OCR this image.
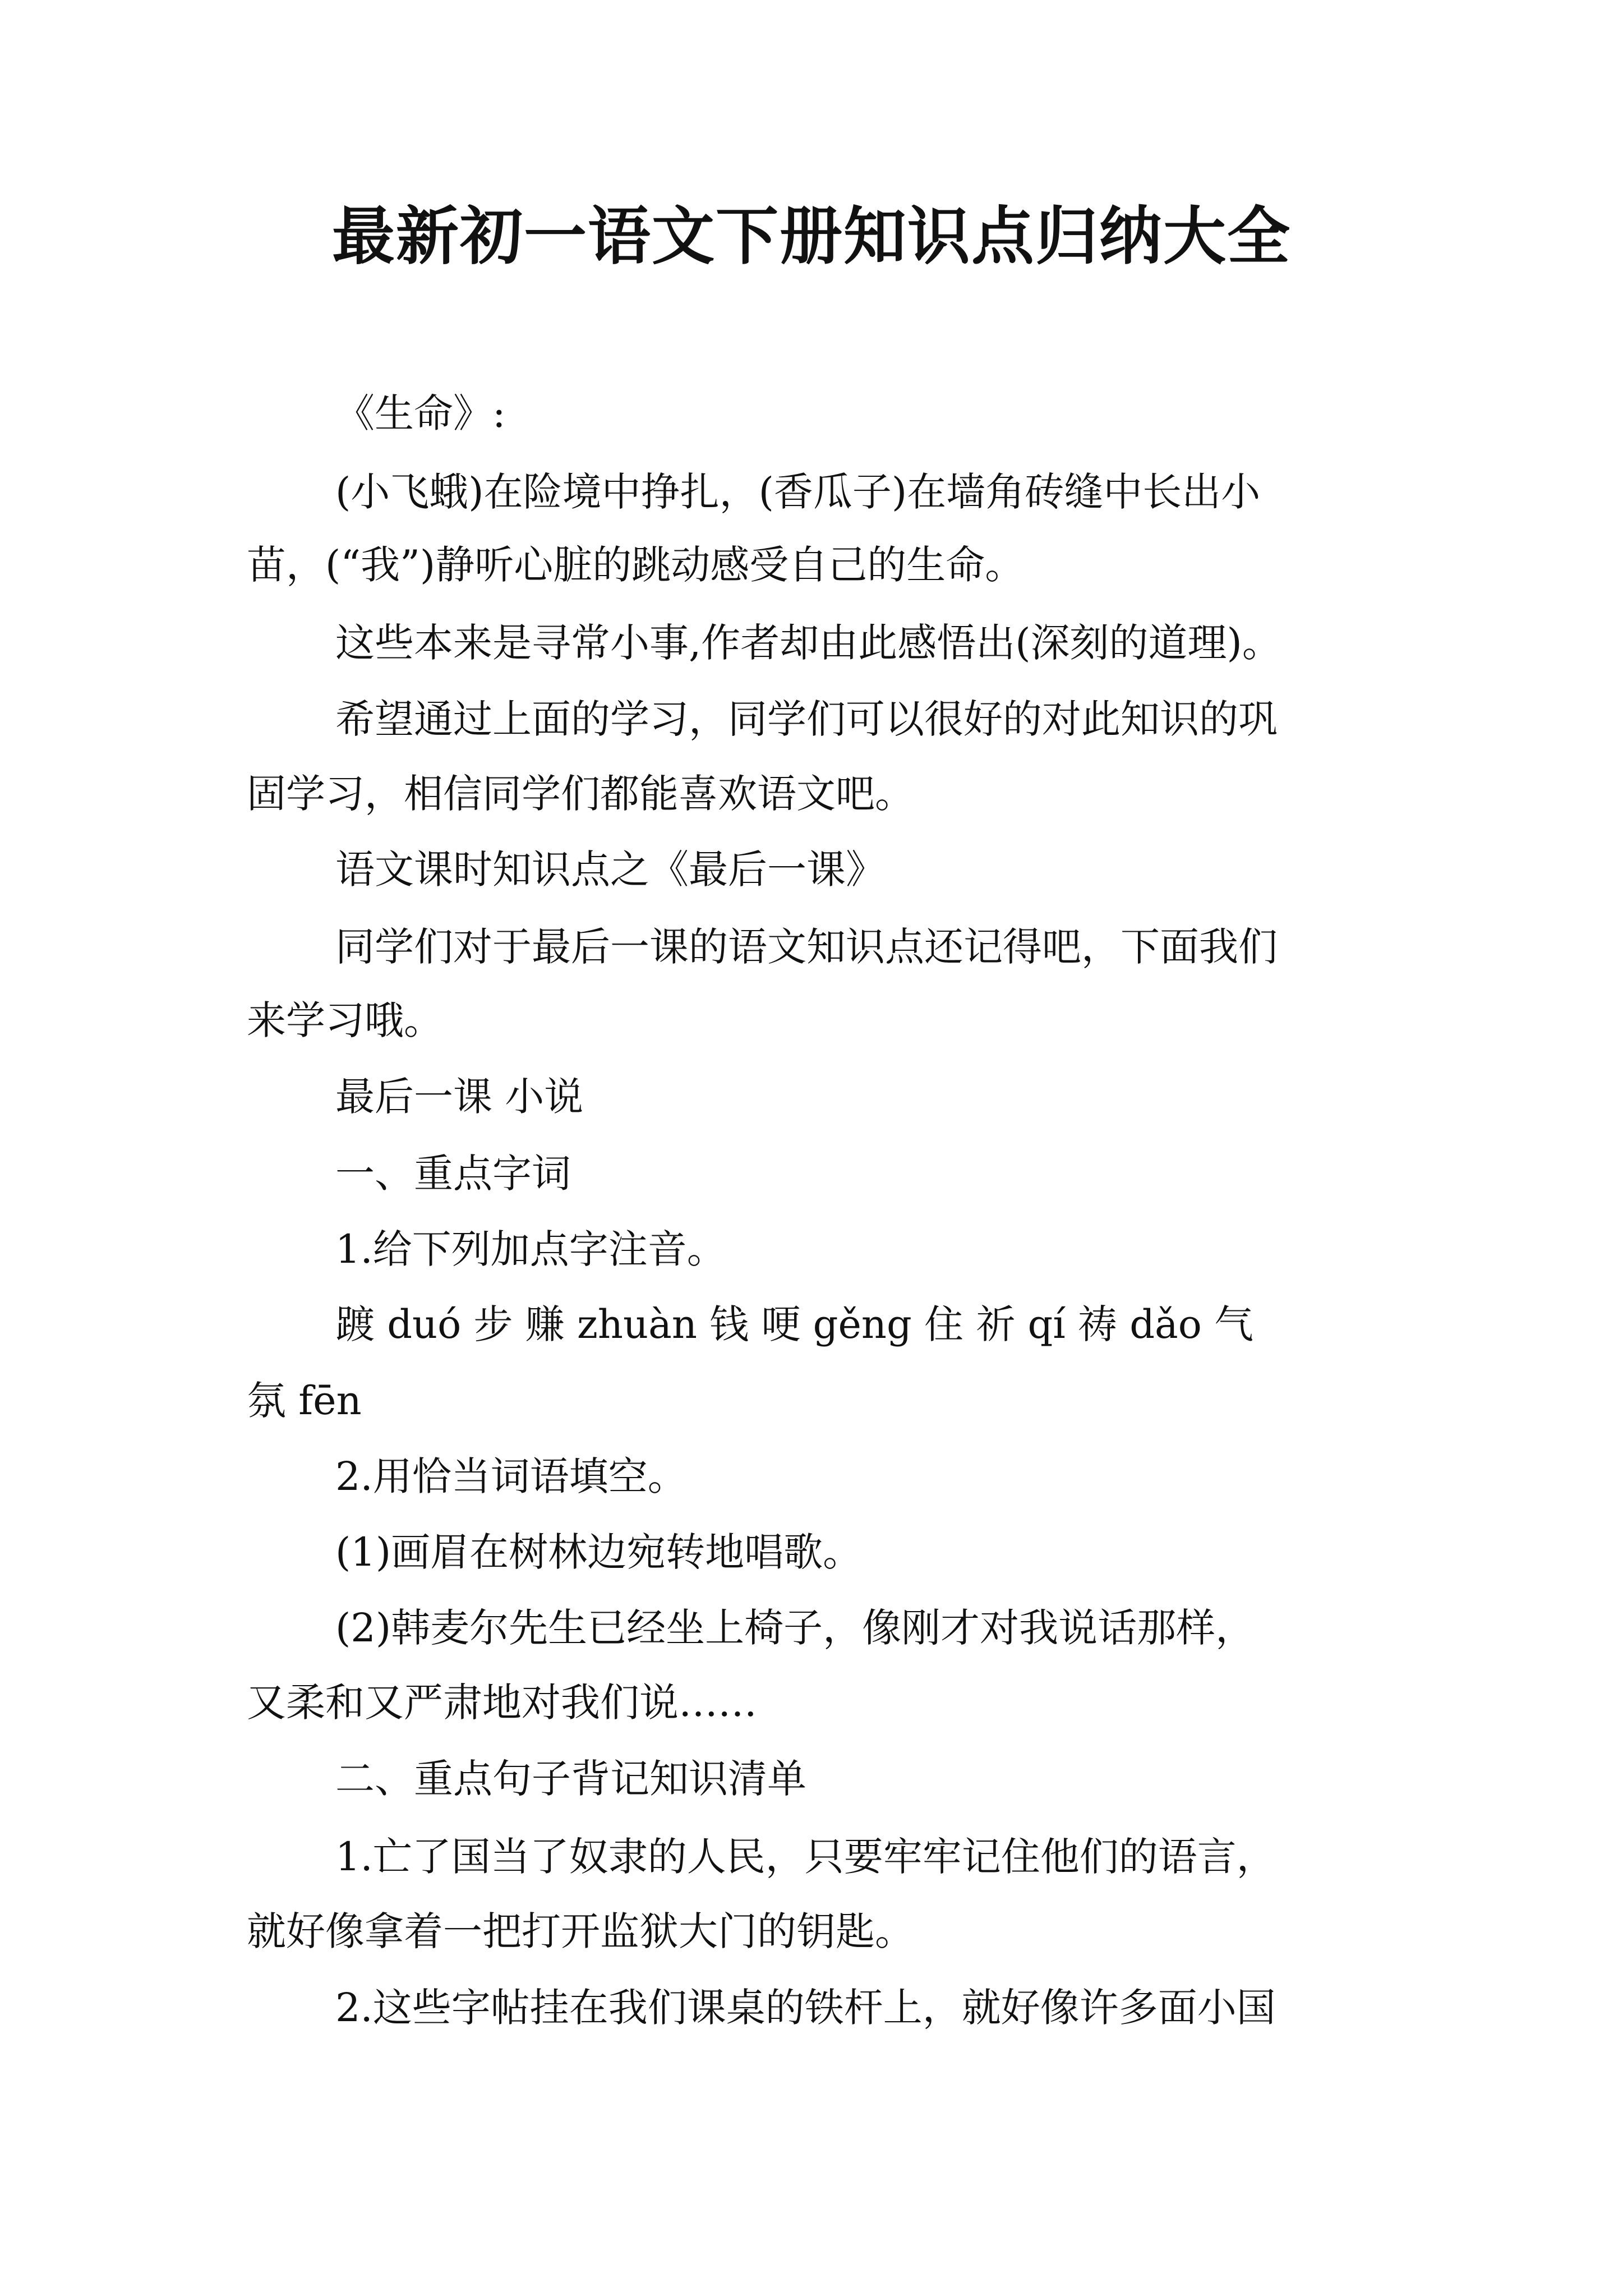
最新初一语文下册知识点归纳大全
《生命》:
(小飞蛾)在险境中挣扎，(香瓜子)在墙角砖缝中长出小
苗，(“我”)静听心脏的跳动感受自己的生命。
这些本来是寻常小事,作者却由此感悟出(深刻的道理)。
希望通过上面的学习，同学们可以很好的对此知识的巩
固学习，相信同学们都能喜欢语文吧。
语文课时知识点之《最后一课》
同学们对于最后一课的语文知识点还记得吧，下面我们
来学习哦。
最后一课 小说
一、重点字词
1.给下列加点字注音。
踱 duó 步 赚 zhuàn 钱 哽 gěng 住 祈 qí 祷 dǎo 气
氛 fēn
2.用恰当词语填空。
(1)画眉在树林边宛转地唱歌。
(2)韩麦尔先生已经坐上椅子，像刚才对我说话那样，
又柔和又严肃地对我们说……
二、重点句子背记知识清单
1.亡了国当了奴隶的人民，只要牢牢记住他们的语言，
就好像拿着一把打开监狱大门的钥匙。
2.这些字帖挂在我们课桌的铁杆上，就好像许多面小国
